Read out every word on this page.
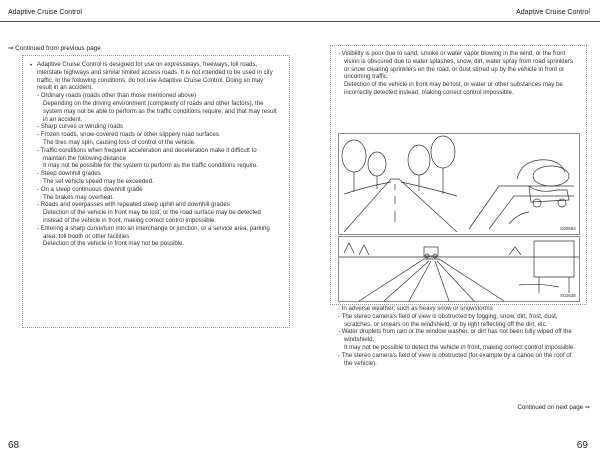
Adaptive Cruise Control	Adaptive Cruise Control
⇒ Continued from previous page
• Adaptive Cruise Control is designed for use on expressways, freeways, toll roads, interstate highways and similar limited access roads. It is not intended to be used in city traffic. In the following conditions, do not use Adaptive Cruise Control. Doing so may result in an accident.

- Ordinary roads (roads other than those mentioned above)

Depending on the driving environment (complexity of roads and other factors), the system may not be able to perform as the traffic conditions require, and that may result in an accident.

- Sharp curves or winding roads

- Frozen roads, snow-covered roads or other slippery road surfaces

The tires may spin, causing loss of control of the vehicle.

- Traffic conditions when frequent acceleration and deceleration make it difficult to maintain the following distance

It may not be possible for the system to perform as the traffic conditions require.

- Steep downhill grades

The set vehicle speed may be exceeded.

- On a steep continuous downhill grade

The brakes may overheat.

- Roads and overpasses with repeated steep uphill and downhill grades

Detection of the vehicle in front may be lost, or the road surface may be detected instead of the vehicle in front, making correct control impossible.

- Entering a sharp curve/turn into an interchange or junction, or a service area, parking area, toll booth or other facilities

Detection of the vehicle in front may not be possible.

- Visibility is poor due to sand, smoke or water vapor blowing in the wind, or the front vision is obscured due to water splashes, snow, dirt, water spray from road sprinklers or snow clearing sprinklers on the road, or dust stirred up by the vehicle in front or oncoming traffic.

Detection of the vehicle in front may be lost, or water or other substances may be incorrectly detected instead, making correct control impossible.

S00692
S02838

- In adverse weather, such as heavy snow or snowstorms

- The stereo camera's field of view is obstructed by fogging, snow, dirt, frost, dust, scratches, or smears on the windshield, or by light reflecting off the dirt, etc.

- Water droplets from rain or the window washer, or dirt has not been fully wiped off the windshield.

It may not be possible to detect the vehicle in front, making correct control impossible.

- The stereo camera's field of view is obstructed (for example by a canoe on the roof of the vehicle).

Continued on next page ⇒
68	69
